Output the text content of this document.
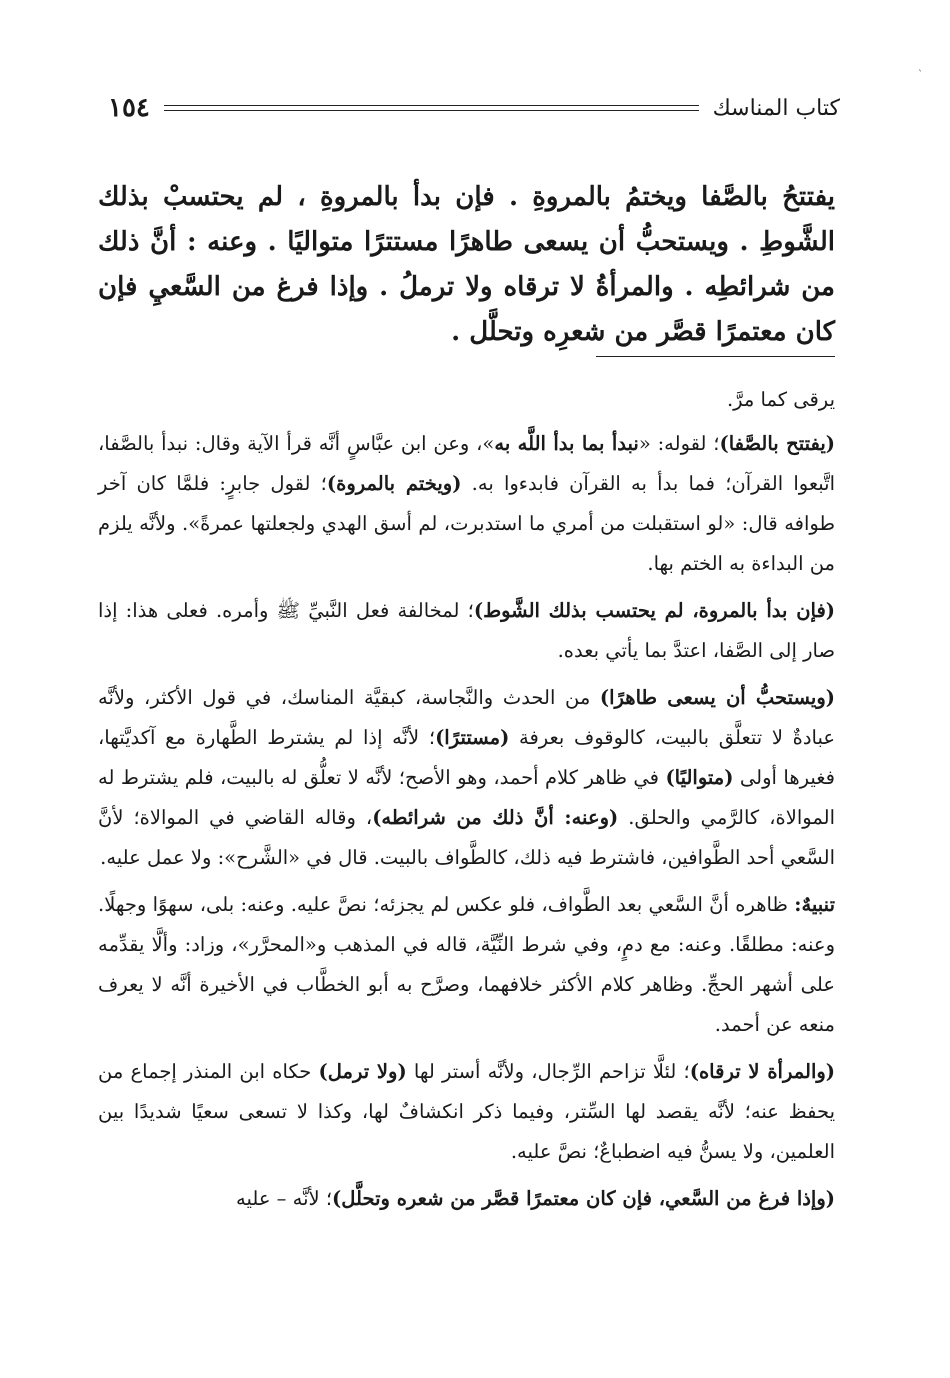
`
١٥٤	كتاب المناسك
يفتتحُ بالصَّفا ويختمُ بالمروةِ . فإن بدأ بالمروةِ ، لم يحتسبْ بذلك الشَّوطِ . ويستحبُّ أن يسعى طاهرًا مستترًا متواليًا . وعنه : أنَّ ذلك من شرائطِه . والمرأةُ لا ترقاه ولا ترملُ . وإذا فرغ من السَّعيِ فإن كان معتمرًا قصَّر من شعرِه وتحلَّل .

يرقى كما مرَّ.

(يفتتح بالصَّفا)؛ لقوله: «نبدأ بما بدأ اللَّه به»، وعن ابن عبَّاسٍ أنَّه قرأ الآية وقال: نبدأ بالصَّفا، اتَّبعوا القرآن؛ فما بدأ به القرآن فابدءوا به. (ويختم بالمروة)؛ لقول جابرٍ: فلمَّا كان آخر طوافه قال: «لو استقبلت من أمري ما استدبرت، لم أسق الهدي ولجعلتها عمرةً». ولأنَّه يلزم من البداءة به الختم بها.

(فإن بدأ بالمروة، لم يحتسب بذلك الشَّوط)؛ لمخالفة فعل النَّبيِّ ﷺ وأمره. فعلى هذا: إذا صار إلى الصَّفا، اعتدَّ بما يأتي بعده.

(ويستحبُّ أن يسعى طاهرًا) من الحدث والنَّجاسة، كبقيَّة المناسك، في قول الأكثر، ولأنَّه عبادةٌ لا تتعلَّق بالبيت، كالوقوف بعرفة (مستترًا)؛ لأنَّه إذا لم يشترط الطَّهارة مع آكديَّتها، فغيرها أولى (متواليًا) في ظاهر كلام أحمد، وهو الأصح؛ لأنَّه لا تعلُّق له بالبيت، فلم يشترط له الموالاة، كالرَّمي والحلق. (وعنه: أنَّ ذلك من شرائطه)، وقاله القاضي في الموالاة؛ لأنَّ السَّعي أحد الطَّوافين، فاشترط فيه ذلك، كالطَّواف بالبيت. قال في «الشَّرح»: ولا عمل عليه.

تنبيهٌ: ظاهره أنَّ السَّعي بعد الطَّواف، فلو عكس لم يجزئه؛ نصَّ عليه. وعنه: بلى، سهوًا وجهلًا. وعنه: مطلقًا. وعنه: مع دمٍ، وفي شرط النِّيَّة، قاله في المذهب و«المحرَّر»، وزاد: وألَّا يقدِّمه على أشهر الحجِّ. وظاهر كلام الأكثر خلافهما، وصرَّح به أبو الخطَّاب في الأخيرة أنَّه لا يعرف منعه عن أحمد.

(والمرأة لا ترقاه)؛ لئلَّا تزاحم الرِّجال، ولأنَّه أستر لها (ولا ترمل) حكاه ابن المنذر إجماع من يحفظ عنه؛ لأنَّه يقصد لها السِّتر، وفيما ذكر انكشافٌ لها، وكذا لا تسعى سعيًا شديدًا بين العلمين، ولا يسنُّ فيه اضطباعٌ؛ نصَّ عليه.

(وإذا فرغ من السَّعي، فإن كان معتمرًا قصَّر من شعره وتحلَّل)؛ لأنَّه – عليه
